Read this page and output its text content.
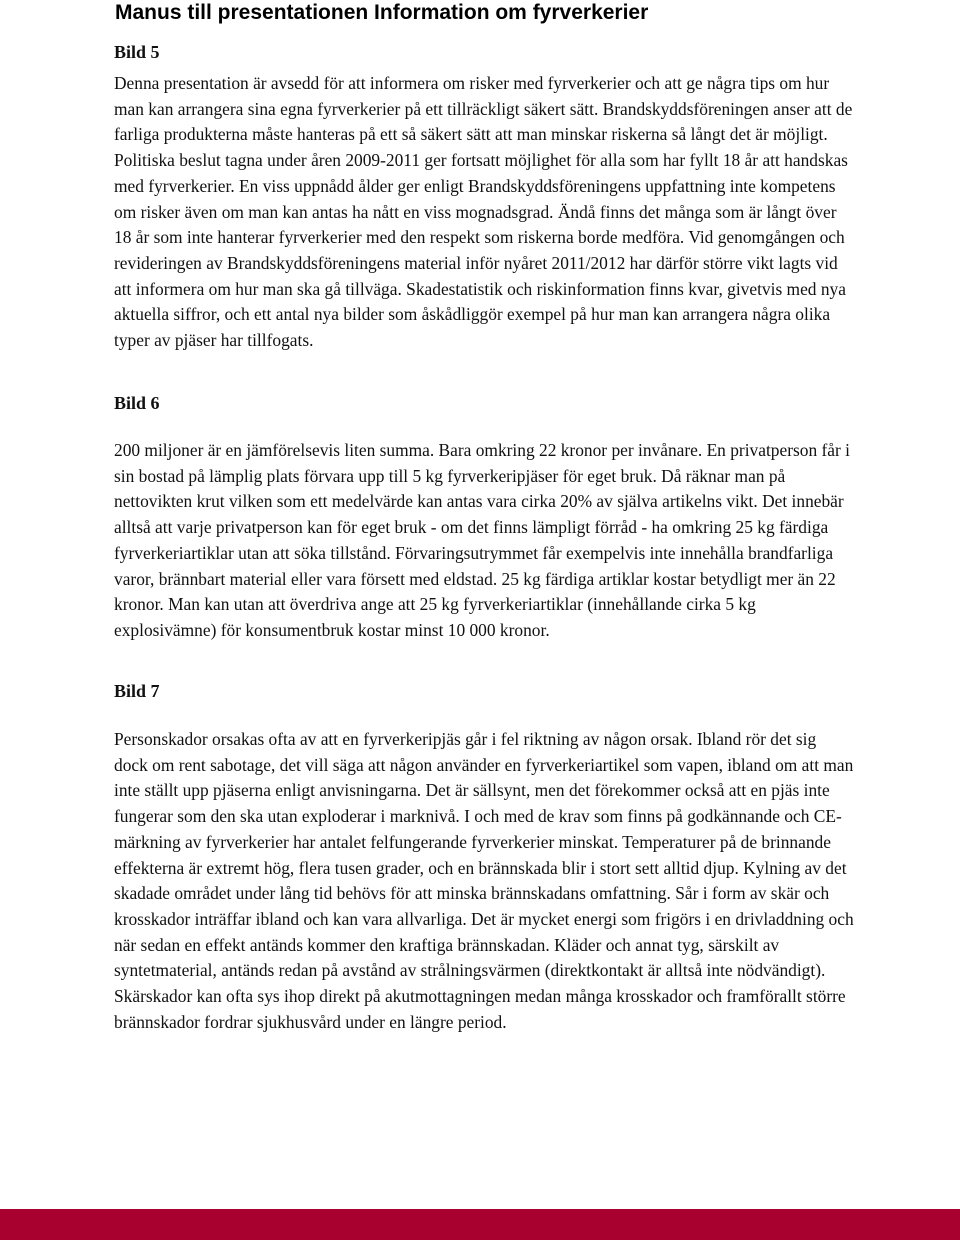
Manus till presentationen Information om fyrverkerier
Bild 5

Denna presentation är avsedd för att informera om risker med fyrverkerier och att ge några tips om hur man kan arrangera sina egna fyrverkerier på ett tillräckligt säkert sätt. Brandskyddsföreningen anser att de farliga produkterna måste hanteras på ett så säkert sätt att man minskar riskerna så långt det är möjligt. Politiska beslut tagna under åren 2009-2011 ger fortsatt möjlighet för alla som har fyllt 18 år att handskas med fyrverkerier. En viss uppnådd ålder ger enligt Brandskyddsföreningens uppfattning inte kompetens om risker även om man kan antas ha nått en viss mognadsgrad. Ändå finns det många som är långt över 18 år som inte hanterar fyrverkerier med den respekt som riskerna borde medföra. Vid genomgången och revideringen av Brandskyddsföreningens material inför nyåret 2011/2012 har därför större vikt lagts vid att informera om hur man ska gå tillväga. Skadestatistik och riskinformation finns kvar, givetvis med nya aktuella siffror, och ett antal nya bilder som åskådliggör exempel på hur man kan arrangera några olika typer av pjäser har tillfogats.

Bild 6

200 miljoner är en jämförelsevis liten summa. Bara omkring 22 kronor per invånare. En privatperson får i sin bostad på lämplig plats förvara upp till 5 kg fyrverkeripjäser för eget bruk. Då räknar man på nettovikten krut vilken som ett medelvärde kan antas vara cirka 20% av själva artikelns vikt. Det innebär alltså att varje privatperson kan för eget bruk - om det finns lämpligt förråd - ha omkring 25 kg färdiga fyrverkeriartiklar utan att söka tillstånd. Förvaringsutrymmet får exempelvis inte innehålla brandfarliga varor, brännbart material eller vara försett med eldstad. 25 kg färdiga artiklar kostar betydligt mer än 22 kronor. Man kan utan att överdriva ange att 25 kg fyrverkeriartiklar (innehållande cirka 5 kg explosivämne) för konsumentbruk kostar minst 10 000 kronor.

Bild 7

Personskador orsakas ofta av att en fyrverkeripjäs går i fel riktning av någon orsak. Ibland rör det sig dock om rent sabotage, det vill säga att någon använder en fyrverkeriartikel som vapen, ibland om att man inte ställt upp pjäserna enligt anvisningarna. Det är sällsynt, men det förekommer också att en pjäs inte fungerar som den ska utan exploderar i marknivå. I och med de krav som finns på godkännande och CE-märkning av fyrverkerier har antalet felfungerande fyrverkerier minskat. Temperaturer på de brinnande effekterna är extremt hög, flera tusen grader, och en brännskada blir i stort sett alltid djup. Kylning av det skadade området under lång tid behövs för att minska brännskadans omfattning. Sår i form av skär och krosskador inträffar ibland och kan vara allvarliga. Det är mycket energi som frigörs i en drivladdning och när sedan en effekt antänds kommer den kraftiga brännskadan. Kläder och annat tyg, särskilt av syntetmaterial, antänds redan på avstånd av strålningsvärmen (direktkontakt är alltså inte nödvändigt). Skärskador kan ofta sys ihop direkt på akutmottagningen medan många krosskador och framförallt större brännskador fordrar sjukhusvård under en längre period.
